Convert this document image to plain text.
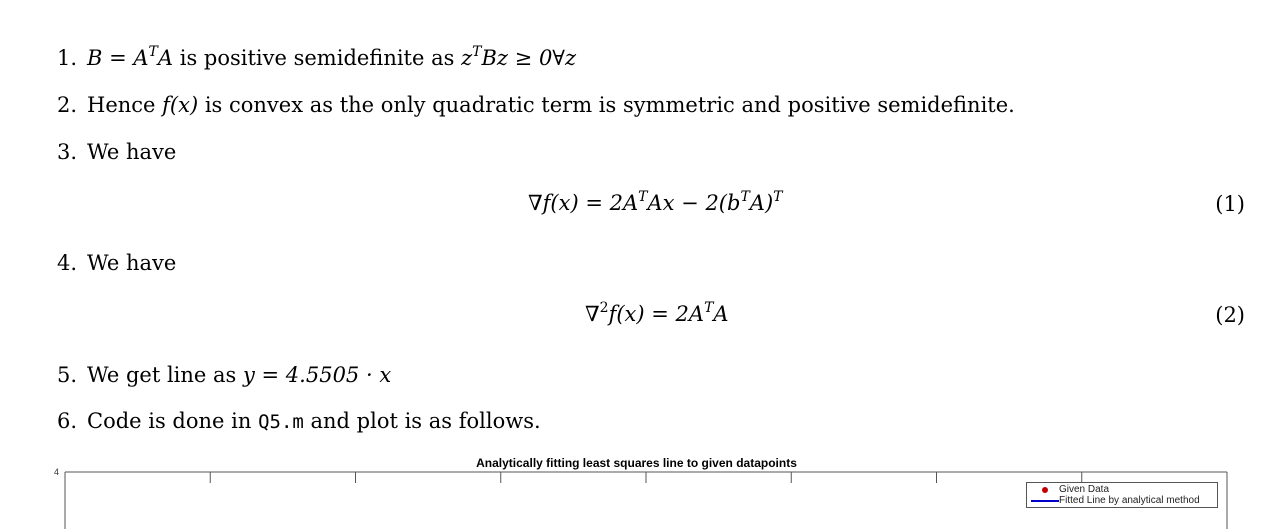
1. $B = A^TA$ is positive semidefinite as $z^TBz$ ≥ 0∀z
2. Hence f(x) is convex as the only quadratic term is symmetric and positive semidefinite.
3. We have
$\nabla f(x) = 2A^TAx - 2(b^TA)^T$	(1)
4. We have
$\nabla^2f(x) = 2A^TA$	(2)
5. We get line as y = 4.5505 · x
6. Code is done in Q5.m and plot is as follows.
Analytically fitting least squares line to given datapoints
4
Given Data
Fitted Line by analytical method
